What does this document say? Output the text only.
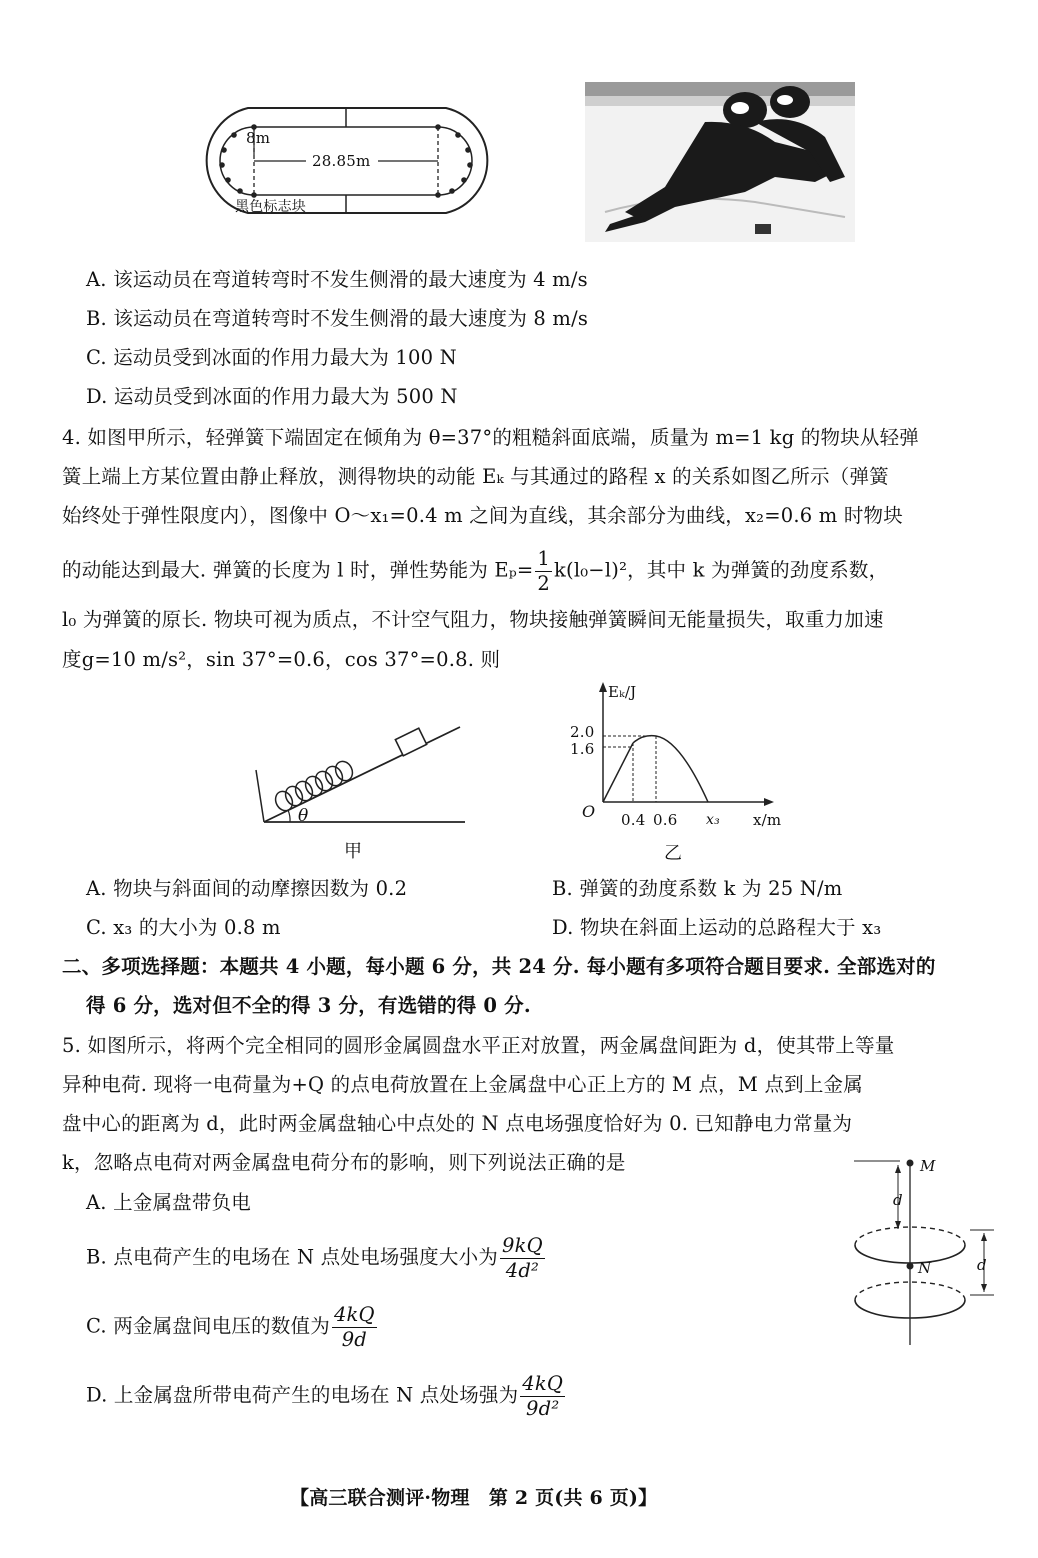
8m
28.85m
黑色标志块
A. 该运动员在弯道转弯时不发生侧滑的最大速度为 4 m/s
B. 该运动员在弯道转弯时不发生侧滑的最大速度为 8 m/s
C. 运动员受到冰面的作用力最大为 100 N
D. 运动员受到冰面的作用力最大为 500 N
4. 如图甲所示，轻弹簧下端固定在倾角为 θ=37°的粗糙斜面底端，质量为 m=1 kg 的物块从轻弹
簧上端上方某位置由静止释放，测得物块的动能 Eₖ 与其通过的路程 x 的关系如图乙所示（弹簧
始终处于弹性限度内），图像中 O～x₁=0.4 m 之间为直线，其余部分为曲线，x₂=0.6 m 时物块
的动能达到最大. 弹簧的长度为 l 时，弹性势能为 $E_p= \frac{1}{2} k(l_0-l)^2$，其中 k 为弹簧的劲度系数，
l₀ 为弹簧的原长. 物块可视为质点，不计空气阻力，物块接触弹簧瞬间无能量损失，取重力加速
度g=10 m/s²，sin 37°=0.6，cos 37°=0.8. 则
θ
甲
Eₖ/J
2.0
1.6
O 0.4 0.6 x₃ x/m
乙
A. 物块与斜面间的动摩擦因数为 0.2	B. 弹簧的劲度系数 k 为 25 N/m
C. x₃ 的大小为 0.8 m	D. 物块在斜面上运动的总路程大于 x₃
二、多项选择题：本题共 4 小题，每小题 6 分，共 24 分. 每小题有多项符合题目要求. 全部选对的
得 6 分，选对但不全的得 3 分，有选错的得 0 分.
5. 如图所示，将两个完全相同的圆形金属圆盘水平正对放置，两金属盘间距为 d，使其带上等量
异种电荷. 现将一电荷量为+Q 的点电荷放置在上金属盘中心正上方的 M 点，M 点到上金属
盘中心的距离为 d，此时两金属盘轴心中点处的 N 点电场强度恰好为 0. 已知静电力常量为
k，忽略点电荷对两金属盘电荷分布的影响，则下列说法正确的是
A. 上金属盘带负电
B. 点电荷产生的电场在 N 点处电场强度大小为 $\frac{9kQ}{\text{4d²}}$
C. 两金属盘间电压的数值为 $\frac{4kQ}{9d}$
D. 上金属盘所带电荷产生的电场在 N 点处场强为 $\frac{4kQ}{\text{9d²}}$
M
d
N	d
【高三联合测评·物理　第 2 页(共 6 页)】
